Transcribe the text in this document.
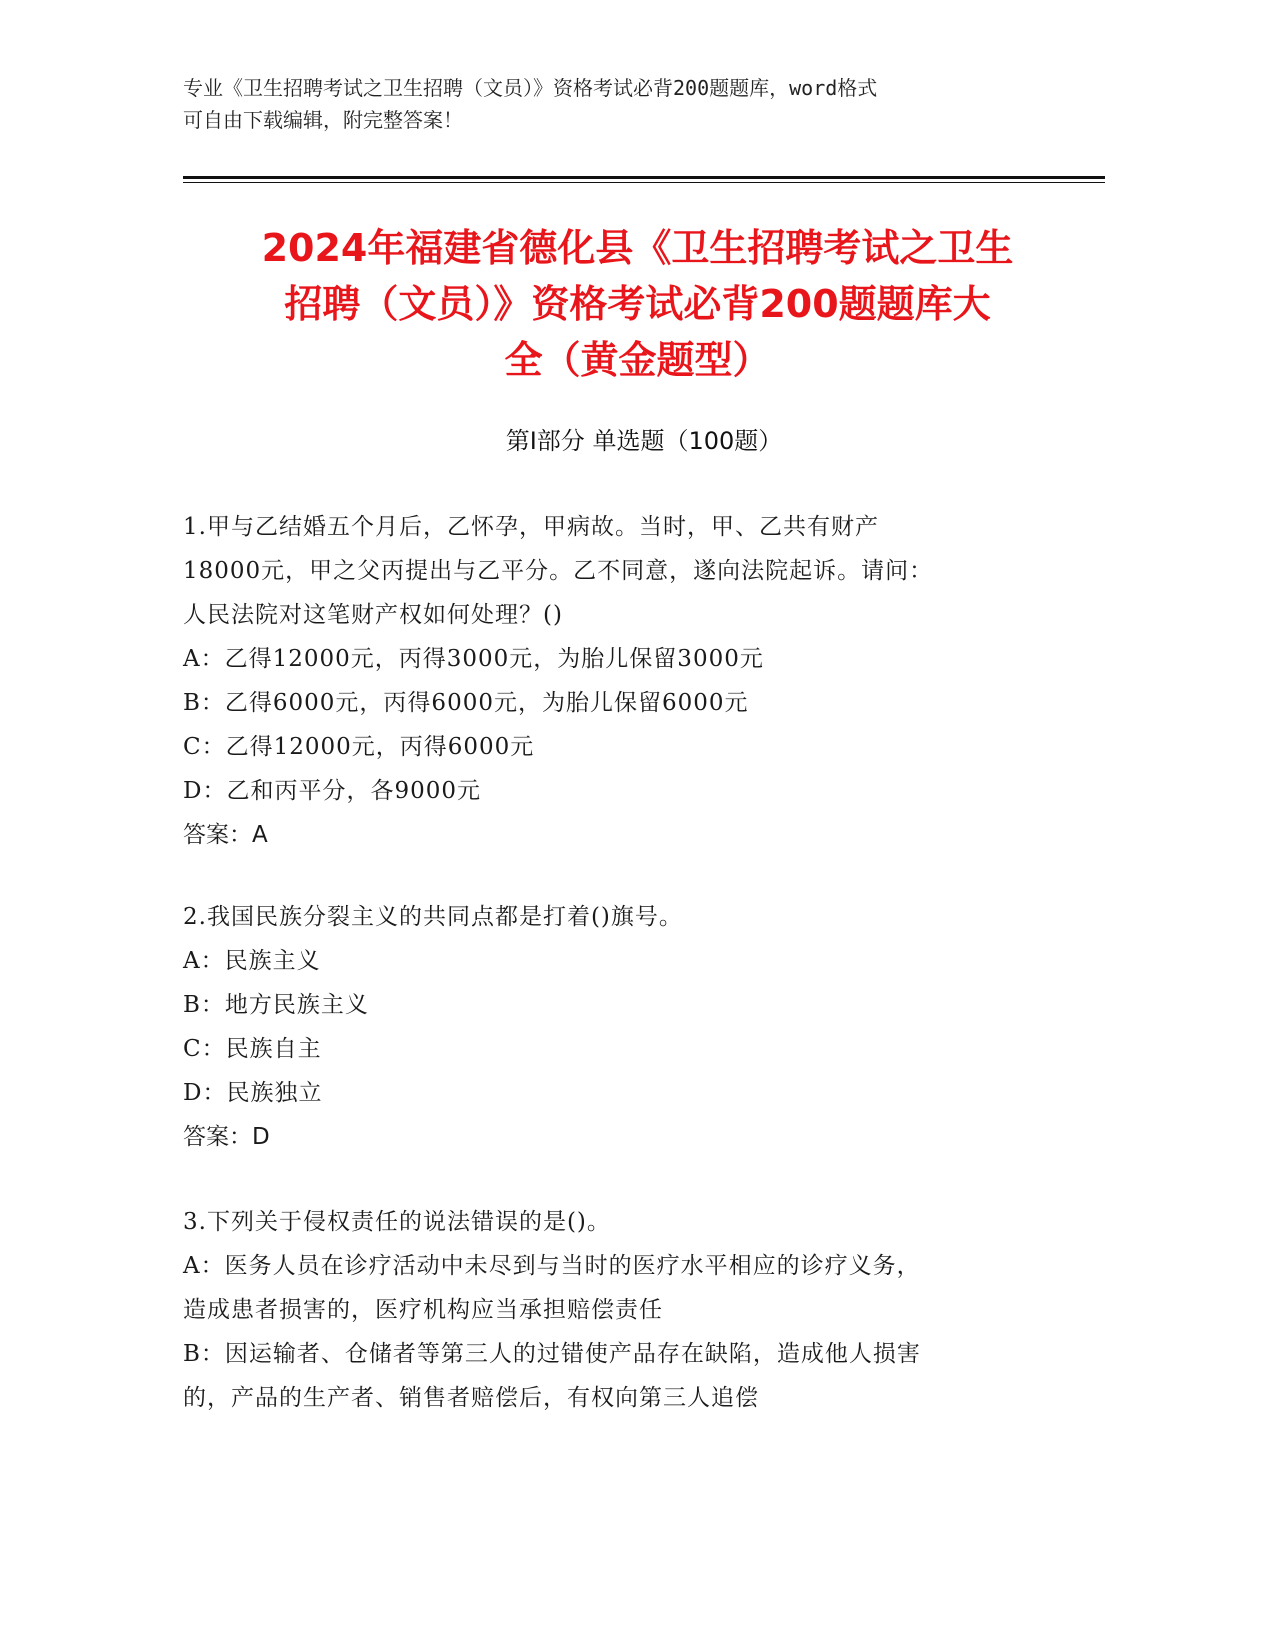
专业《卫生招聘考试之卫生招聘（文员）》资格考试必背200题题库，word格式
可自由下载编辑，附完整答案！
2024年福建省德化县《卫生招聘考试之卫生
招聘（文员）》资格考试必背200题题库大
全（黄金题型）
第Ⅰ部分 单选题（100题）
1.甲与乙结婚五个月后，乙怀孕，甲病故。当时，甲、乙共有财产
18000元，甲之父丙提出与乙平分。乙不同意，遂向法院起诉。请问：
人民法院对这笔财产权如何处理？()
A：乙得12000元，丙得3000元，为胎儿保留3000元
B：乙得6000元，丙得6000元，为胎儿保留6000元
C：乙得12000元，丙得6000元
D：乙和丙平分，各9000元
答案：A
2.我国民族分裂主义的共同点都是打着()旗号。
A：民族主义
B：地方民族主义
C：民族自主
D：民族独立
答案：D
3.下列关于侵权责任的说法错误的是()。
A：医务人员在诊疗活动中未尽到与当时的医疗水平相应的诊疗义务，
造成患者损害的，医疗机构应当承担赔偿责任
B：因运输者、仓储者等第三人的过错使产品存在缺陷，造成他人损害
的，产品的生产者、销售者赔偿后，有权向第三人追偿
